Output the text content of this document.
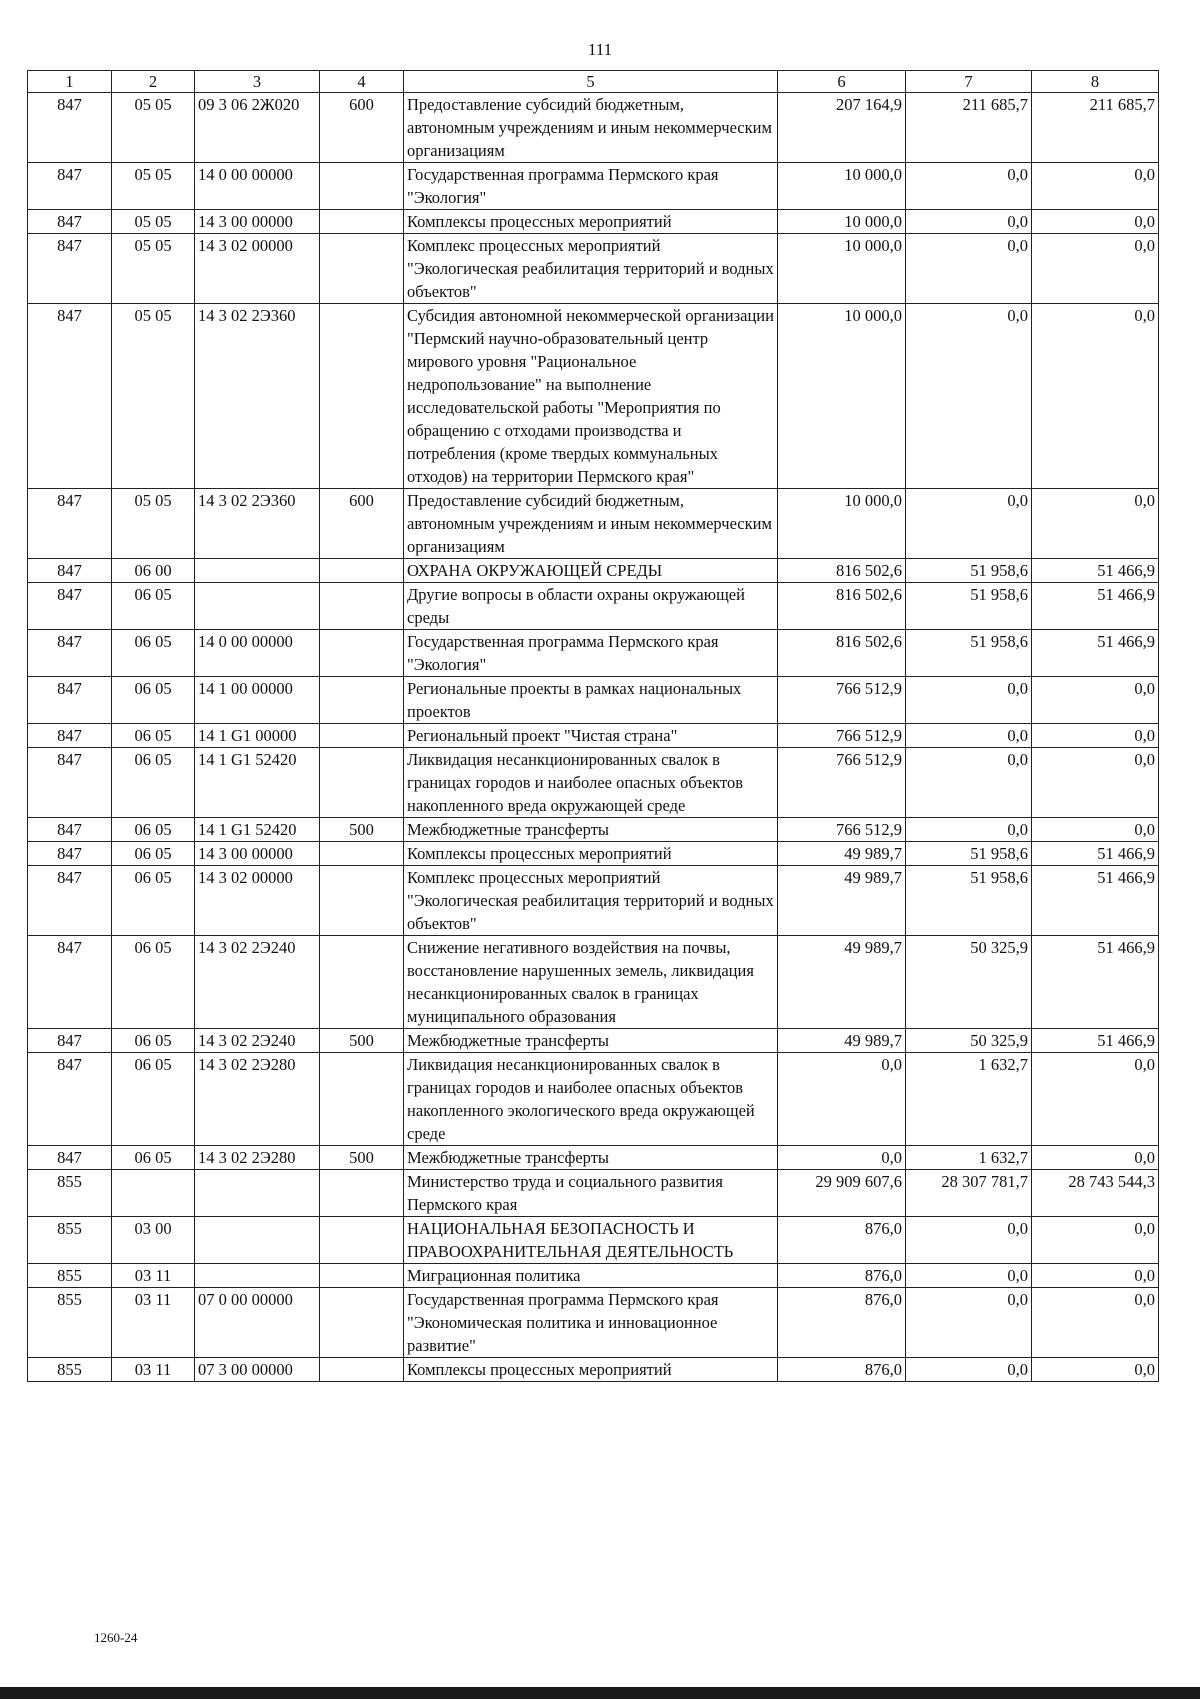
111
1	2	3	4	5	6	7	8
847	05 05	09 3 06 2Ж020	600	Предоставление субсидий бюджетным, автономным учреждениям и иным некоммерческим организациям	207 164,9	211 685,7	211 685,7
847	05 05	14 0 00 00000		Государственная программа Пермского края "Экология"	10 000,0	0,0	0,0
847	05 05	14 3 00 00000		Комплексы процессных мероприятий	10 000,0	0,0	0,0
847	05 05	14 3 02 00000		Комплекс процессных мероприятий "Экологическая реабилитация территорий и водных объектов"	10 000,0	0,0	0,0
847	05 05	14 3 02 2Э360		Субсидия автономной некоммерческой организации "Пермский научно-образовательный центр мирового уровня "Рациональное недропользование" на выполнение исследовательской работы "Мероприятия по обращению с отходами производства и потребления (кроме твердых коммунальных отходов) на территории Пермского края"	10 000,0	0,0	0,0
847	05 05	14 3 02 2Э360	600	Предоставление субсидий бюджетным, автономным учреждениям и иным некоммерческим организациям	10 000,0	0,0	0,0
847	06 00			ОХРАНА ОКРУЖАЮЩЕЙ СРЕДЫ	816 502,6	51 958,6	51 466,9
847	06 05			Другие вопросы в области охраны окружающей среды	816 502,6	51 958,6	51 466,9
847	06 05	14 0 00 00000		Государственная программа Пермского края "Экология"	816 502,6	51 958,6	51 466,9
847	06 05	14 1 00 00000		Региональные проекты в рамках национальных проектов	766 512,9	0,0	0,0
847	06 05	14 1 G1 00000		Региональный проект "Чистая страна"	766 512,9	0,0	0,0
847	06 05	14 1 G1 52420		Ликвидация несанкционированных свалок в границах городов и наиболее опасных объектов накопленного вреда окружающей среде	766 512,9	0,0	0,0
847	06 05	14 1 G1 52420	500	Межбюджетные трансферты	766 512,9	0,0	0,0
847	06 05	14 3 00 00000		Комплексы процессных мероприятий	49 989,7	51 958,6	51 466,9
847	06 05	14 3 02 00000		Комплекс процессных мероприятий "Экологическая реабилитация территорий и водных объектов"	49 989,7	51 958,6	51 466,9
847	06 05	14 3 02 2Э240		Снижение негативного воздействия на почвы, восстановление нарушенных земель, ликвидация несанкционированных свалок в границах муниципального образования	49 989,7	50 325,9	51 466,9
847	06 05	14 3 02 2Э240	500	Межбюджетные трансферты	49 989,7	50 325,9	51 466,9
847	06 05	14 3 02 2Э280		Ликвидация несанкционированных свалок в границах городов и наиболее опасных объектов накопленного экологического вреда окружающей среде	0,0	1 632,7	0,0
847	06 05	14 3 02 2Э280	500	Межбюджетные трансферты	0,0	1 632,7	0,0
855				Министерство труда и социального развития Пермского края	29 909 607,6	28 307 781,7	28 743 544,3
855	03 00			НАЦИОНАЛЬНАЯ БЕЗОПАСНОСТЬ И ПРАВООХРАНИТЕЛЬНАЯ ДЕЯТЕЛЬНОСТЬ	876,0	0,0	0,0
855	03 11			Миграционная политика	876,0	0,0	0,0
855	03 11	07 0 00 00000		Государственная программа Пермского края "Экономическая политика и инновационное развитие"	876,0	0,0	0,0
855	03 11	07 3 00 00000		Комплексы процессных мероприятий	876,0	0,0	0,0
1260-24
